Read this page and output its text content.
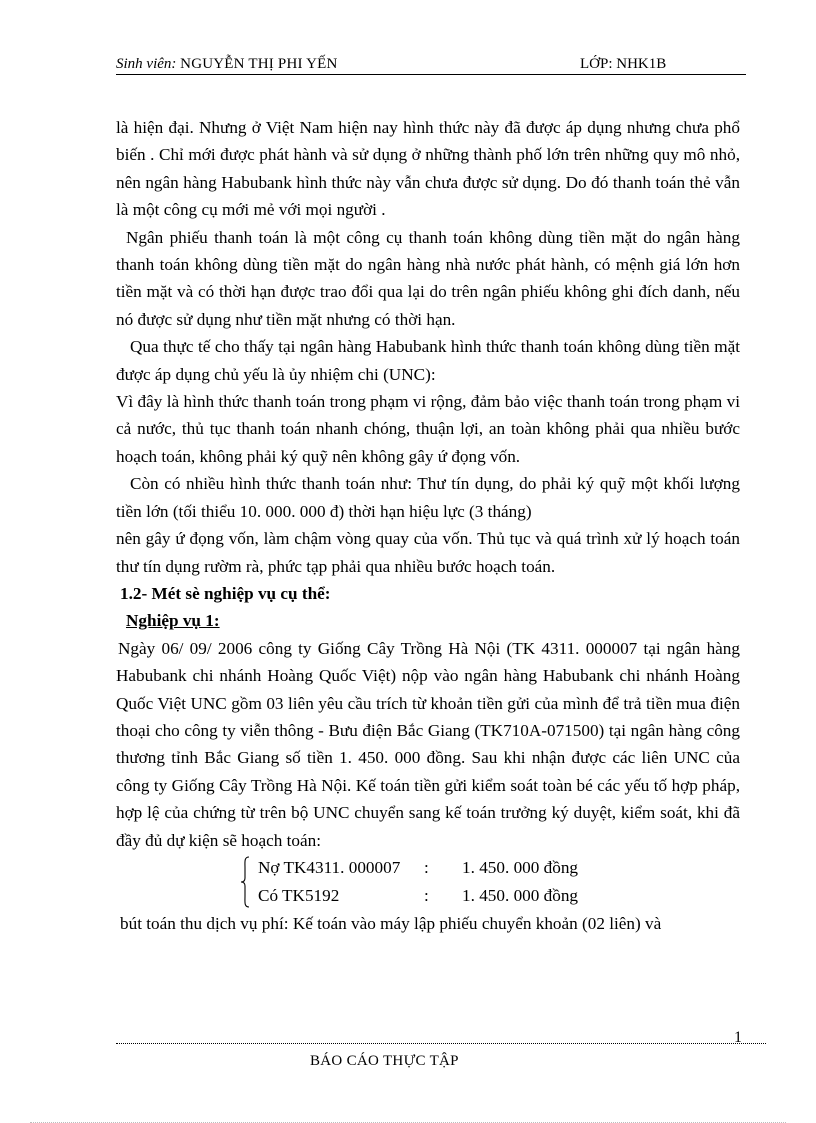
Sinh viên: NGUYỄN THỊ PHI YẾN	LỚP: NHK1B

là hiện đại. Nhưng ở Việt Nam hiện nay hình thức này đã được áp dụng nhưng chưa phổ biến . Chỉ mới được phát hành và sử dụng ở những thành phố lớn trên những quy mô nhỏ, nên ngân hàng Habubank hình thức này vẫn chưa được sử dụng. Do đó thanh toán thẻ vẫn là một công cụ mới mẻ với mọi người .

Ngân phiếu thanh toán là một công cụ thanh toán không dùng tiền mặt do ngân hàng thanh toán không dùng tiền mặt do ngân hàng nhà nước phát hành, có mệnh giá lớn hơn tiền mặt và có thời hạn được trao đổi qua lại do trên ngân phiếu không ghi đích danh, nếu nó được sử dụng như tiền mặt nhưng có thời hạn.

Qua thực tế cho thấy tại ngân hàng Habubank hình thức thanh toán không dùng tiền mặt được áp dụng chủ yếu là ủy nhiệm chi (UNC):

Vì đây là hình thức thanh toán trong phạm vi rộng, đảm bảo việc thanh toán trong phạm vi cả nước, thủ tục thanh toán nhanh chóng, thuận lợi, an toàn không phải qua nhiều bước hoạch toán, không phải ký quỹ nên không gây ứ đọng vốn.

Còn có nhiều hình thức thanh toán như: Thư tín dụng, do phải ký quỹ một khối lượng tiền lớn (tối thiểu 10. 000. 000 đ) thời hạn hiệu lực (3 tháng)

nên gây ứ đọng vốn, làm chậm vòng quay của vốn. Thủ tục và quá trình xử lý hoạch toán thư tín dụng rườm rà, phức tạp phải qua nhiều bước hoạch toán.

1.2- Mét sè nghiệp vụ cụ thể:

Nghiệp vụ 1:

Ngày 06/ 09/ 2006 công ty Giống Cây Trồng Hà Nội (TK 4311. 000007 tại ngân hàng Habubank chi nhánh Hoàng Quốc Việt) nộp vào ngân hàng Habubank chi nhánh Hoàng Quốc Việt UNC gồm 03 liên yêu cầu trích từ khoản tiền gửi của mình để trả tiền mua điện thoại cho công ty viễn thông - Bưu điện Bắc Giang (TK710A-071500) tại ngân hàng công thương tỉnh Bắc Giang số tiền 1. 450. 000 đồng. Sau khi nhận được các liên UNC của công ty Giống Cây Trồng Hà Nội. Kế toán tiền gửi kiểm soát toàn bé các yếu tố hợp pháp, hợp lệ của chứng từ trên bộ UNC chuyển sang kế toán trưởng ký duyệt, kiểm soát, khi đã đầy đủ dự kiện sẽ hoạch toán:

Nợ TK4311. 000007 : 1. 450. 000 đồng
Có TK5192	: 1. 450. 000 đồng

bút toán thu dịch vụ phí: Kế toán vào máy lập phiếu chuyển khoản (02 liên) và

1
BÁO CÁO THỰC TẬP
